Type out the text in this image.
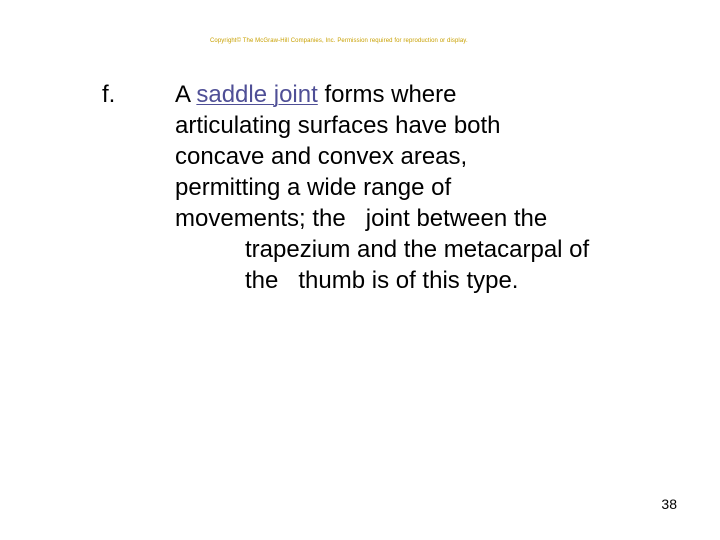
Copyright© The McGraw-Hill Companies, Inc. Permission required for reproduction or display.
f. A saddle joint forms where
articulating surfaces have both
concave and convex areas,
permitting a wide range of
movements; the   joint between the
trapezium and the metacarpal of
the   thumb is of this type.
38
